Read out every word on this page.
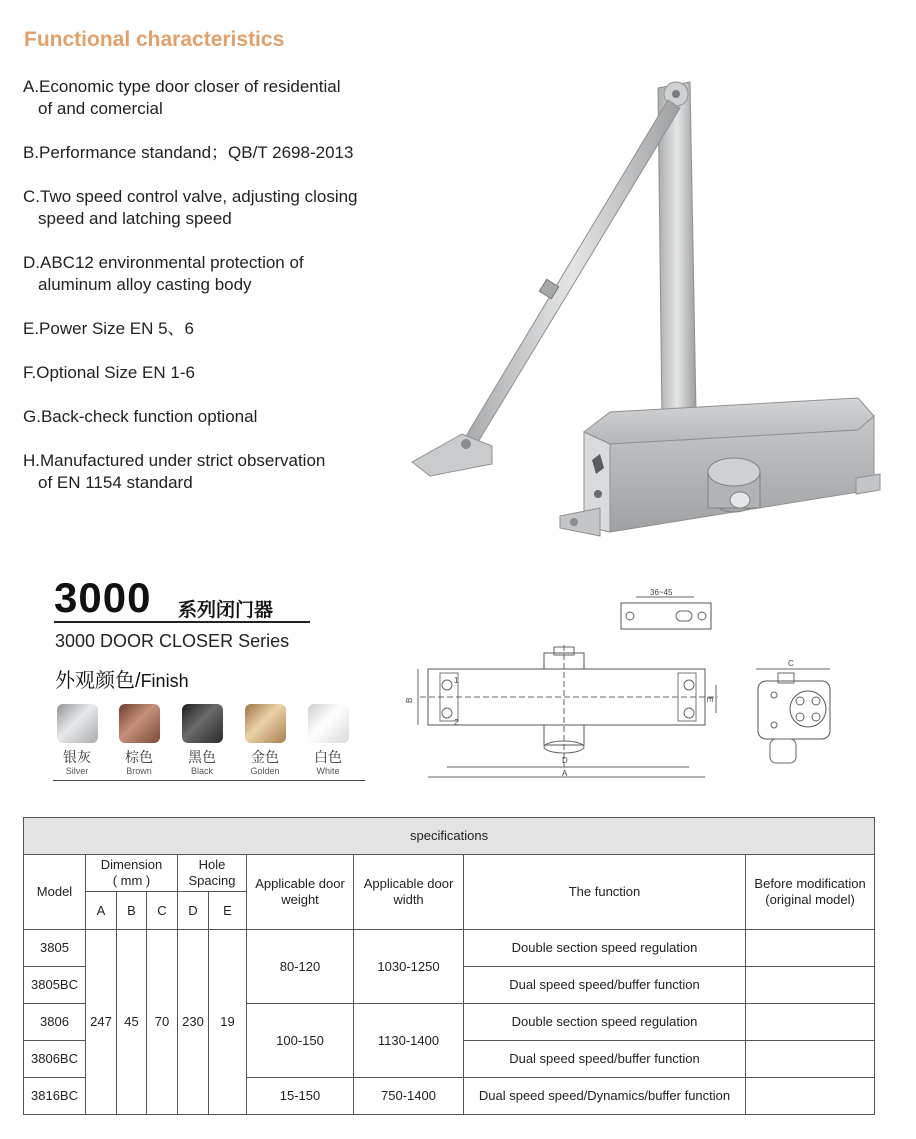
Functional characteristics
A.Economic type door closer of residential
of and comercial
B.Performance standand；QB/T 2698-2013
C.Two speed control valve, adjusting closing
speed and latching speed
D.ABC12 environmental protection of
aluminum alloy casting body
E.Power Size EN 5、6
F.Optional Size EN 1-6
G.Back-check function optional
H.Manufactured under strict observation
of EN 1154 standard
3000 系列闭门器
3000 DOOR CLOSER Series
外观颜色/Finish
银灰	棕色	黑色	金色	白色
Silver	Brown	Black	Golden	White
36~45
1
2
B	E
D
A
C
specifications									
Model	Dimension
( mm )			Hole
Spacing		Applicable door weight	Applicable door width	The function	Before modification (original model)
	A	B	C	D	E				
3805	247	45	70	230	19	80-120	1030-1250	Double section speed regulation	
3805BC								Dual speed speed/buffer function	
3806						100-150	1130-1400	Double section speed regulation	
3806BC								Dual speed speed/buffer function	
3816BC						15-150	750-1400	Dual speed speed/Dynamics/buffer function	
